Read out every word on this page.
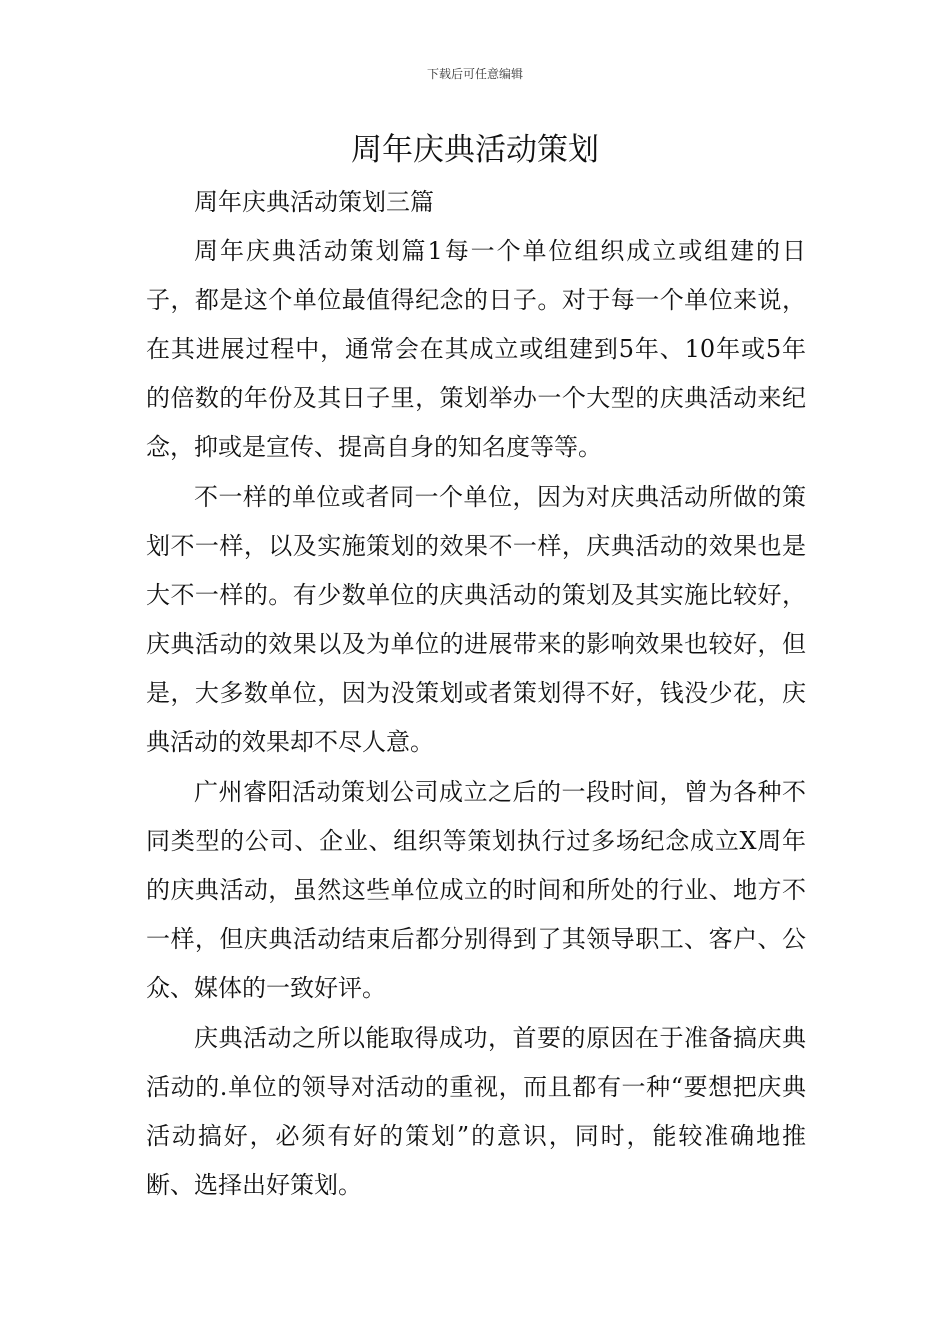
下载后可任意编辑
周年庆典活动策划

周年庆典活动策划三篇

周年庆典活动策划篇1每一个单位组织成立或组建的日子，都是这个单位最值得纪念的日子。对于每一个单位来说，在其进展过程中，通常会在其成立或组建到5年、10年或5年的倍数的年份及其日子里，策划举办一个大型的庆典活动来纪念，抑或是宣传、提高自身的知名度等等。

不一样的单位或者同一个单位，因为对庆典活动所做的策划不一样，以及实施策划的效果不一样，庆典活动的效果也是大不一样的。有少数单位的庆典活动的策划及其实施比较好，庆典活动的效果以及为单位的进展带来的影响效果也较好，但是，大多数单位，因为没策划或者策划得不好，钱没少花，庆典活动的效果却不尽人意。

广州睿阳活动策划公司成立之后的一段时间，曾为各种不同类型的公司、企业、组织等策划执行过多场纪念成立X周年的庆典活动，虽然这些单位成立的时间和所处的行业、地方不一样，但庆典活动结束后都分别得到了其领导职工、客户、公众、媒体的一致好评。

庆典活动之所以能取得成功，首要的原因在于准备搞庆典活动的.单位的领导对活动的重视，而且都有一种“要想把庆典活动搞好，必须有好的策划”的意识，同时，能较准确地推断、选择出好策划。
